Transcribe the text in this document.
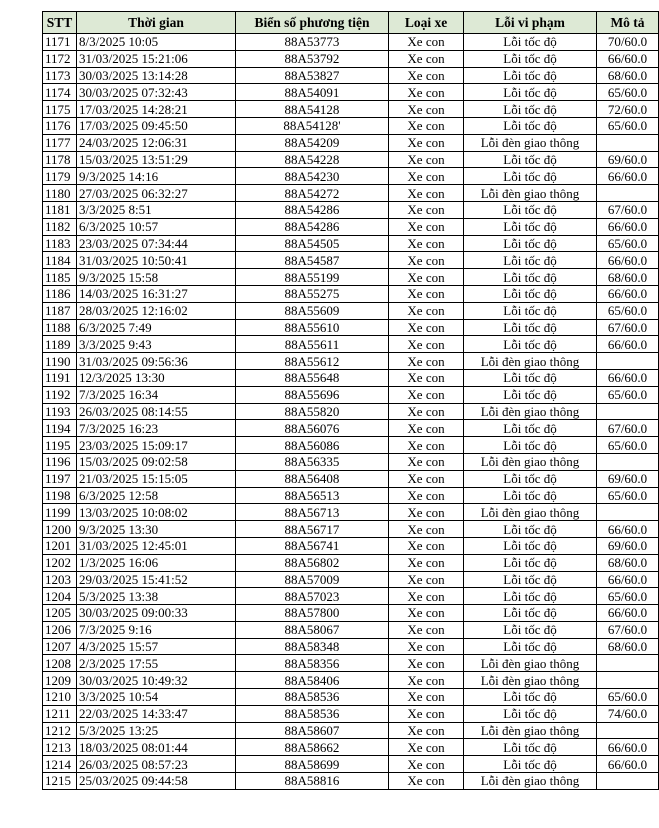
STT	Thời gian	Biển số phương tiện	Loại xe	Lỗi vi phạm	Mô tả
1171	8/3/2025 10:05	88A53773	Xe con	Lỗi tốc độ	70/60.0
1172	31/03/2025 15:21:06	88A53792	Xe con	Lỗi tốc độ	66/60.0
1173	30/03/2025 13:14:28	88A53827	Xe con	Lỗi tốc độ	68/60.0
1174	30/03/2025 07:32:43	88A54091	Xe con	Lỗi tốc độ	65/60.0
1175	17/03/2025 14:28:21	88A54128	Xe con	Lỗi tốc độ	72/60.0
1176	17/03/2025 09:45:50	88A54128'	Xe con	Lỗi tốc độ	65/60.0
1177	24/03/2025 12:06:31	88A54209	Xe con	Lỗi đèn giao thông	
1178	15/03/2025 13:51:29	88A54228	Xe con	Lỗi tốc độ	69/60.0
1179	9/3/2025 14:16	88A54230	Xe con	Lỗi tốc độ	66/60.0
1180	27/03/2025 06:32:27	88A54272	Xe con	Lỗi đèn giao thông	
1181	3/3/2025 8:51	88A54286	Xe con	Lỗi tốc độ	67/60.0
1182	6/3/2025 10:57	88A54286	Xe con	Lỗi tốc độ	66/60.0
1183	23/03/2025 07:34:44	88A54505	Xe con	Lỗi tốc độ	65/60.0
1184	31/03/2025 10:50:41	88A54587	Xe con	Lỗi tốc độ	66/60.0
1185	9/3/2025 15:58	88A55199	Xe con	Lỗi tốc độ	68/60.0
1186	14/03/2025 16:31:27	88A55275	Xe con	Lỗi tốc độ	66/60.0
1187	28/03/2025 12:16:02	88A55609	Xe con	Lỗi tốc độ	65/60.0
1188	6/3/2025 7:49	88A55610	Xe con	Lỗi tốc độ	67/60.0
1189	3/3/2025 9:43	88A55611	Xe con	Lỗi tốc độ	66/60.0
1190	31/03/2025 09:56:36	88A55612	Xe con	Lỗi đèn giao thông	
1191	12/3/2025 13:30	88A55648	Xe con	Lỗi tốc độ	66/60.0
1192	7/3/2025 16:34	88A55696	Xe con	Lỗi tốc độ	65/60.0
1193	26/03/2025 08:14:55	88A55820	Xe con	Lỗi đèn giao thông	
1194	7/3/2025 16:23	88A56076	Xe con	Lỗi tốc độ	67/60.0
1195	23/03/2025 15:09:17	88A56086	Xe con	Lỗi tốc độ	65/60.0
1196	15/03/2025 09:02:58	88A56335	Xe con	Lỗi đèn giao thông	
1197	21/03/2025 15:15:05	88A56408	Xe con	Lỗi tốc độ	69/60.0
1198	6/3/2025 12:58	88A56513	Xe con	Lỗi tốc độ	65/60.0
1199	13/03/2025 10:08:02	88A56713	Xe con	Lỗi đèn giao thông	
1200	9/3/2025 13:30	88A56717	Xe con	Lỗi tốc độ	66/60.0
1201	31/03/2025 12:45:01	88A56741	Xe con	Lỗi tốc độ	69/60.0
1202	1/3/2025 16:06	88A56802	Xe con	Lỗi tốc độ	68/60.0
1203	29/03/2025 15:41:52	88A57009	Xe con	Lỗi tốc độ	66/60.0
1204	5/3/2025 13:38	88A57023	Xe con	Lỗi tốc độ	65/60.0
1205	30/03/2025 09:00:33	88A57800	Xe con	Lỗi tốc độ	66/60.0
1206	7/3/2025 9:16	88A58067	Xe con	Lỗi tốc độ	67/60.0
1207	4/3/2025 15:57	88A58348	Xe con	Lỗi tốc độ	68/60.0
1208	2/3/2025 17:55	88A58356	Xe con	Lỗi đèn giao thông	
1209	30/03/2025 10:49:32	88A58406	Xe con	Lỗi đèn giao thông	
1210	3/3/2025 10:54	88A58536	Xe con	Lỗi tốc độ	65/60.0
1211	22/03/2025 14:33:47	88A58536	Xe con	Lỗi tốc độ	74/60.0
1212	5/3/2025 13:25	88A58607	Xe con	Lỗi đèn giao thông	
1213	18/03/2025 08:01:44	88A58662	Xe con	Lỗi tốc độ	66/60.0
1214	26/03/2025 08:57:23	88A58699	Xe con	Lỗi tốc độ	66/60.0
1215	25/03/2025 09:44:58	88A58816	Xe con	Lỗi đèn giao thông	
